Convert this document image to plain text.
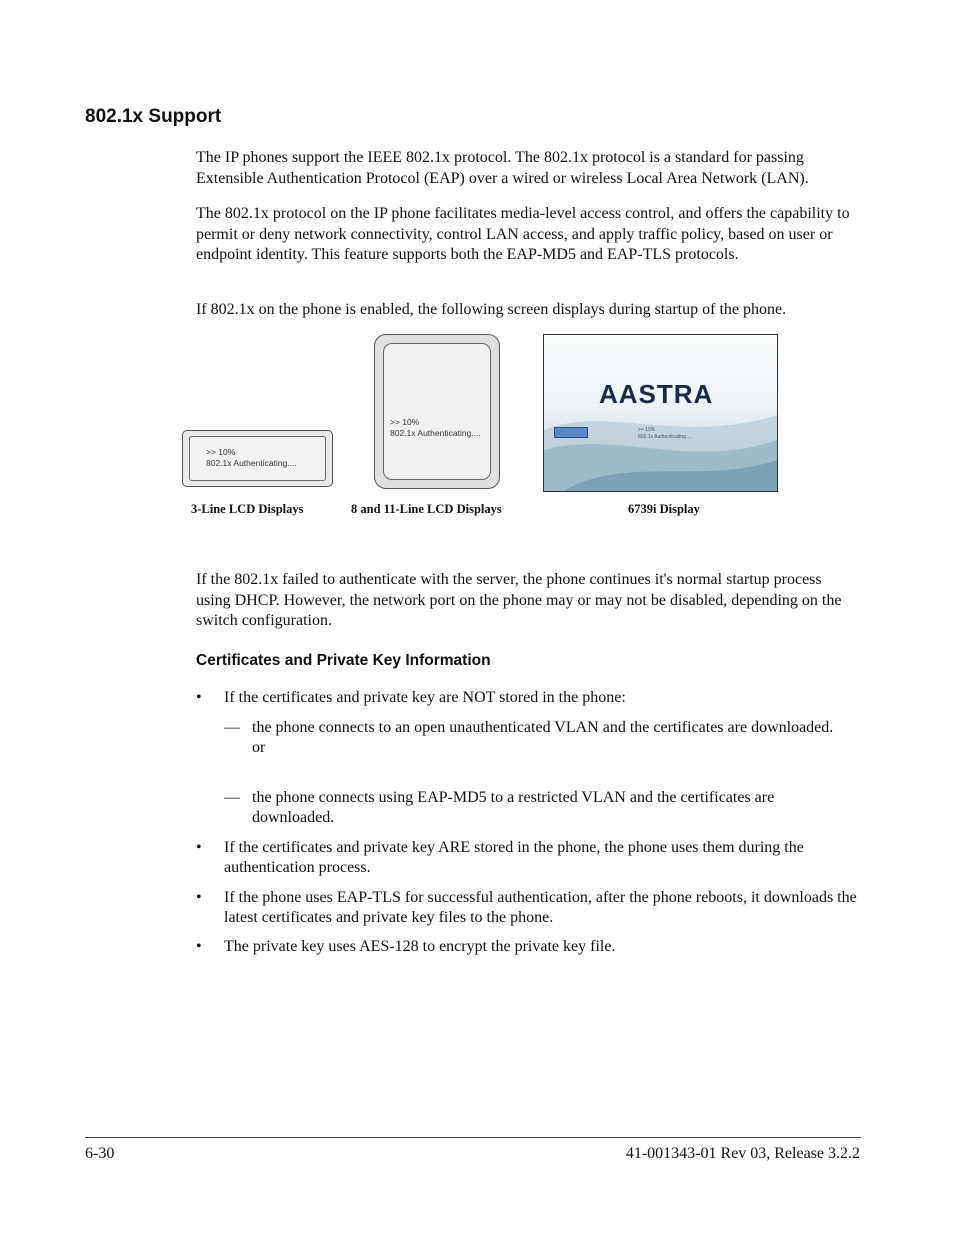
802.1x Support
The IP phones support the IEEE 802.1x protocol. The 802.1x protocol is a standard for passing Extensible Authentication Protocol (EAP) over a wired or wireless Local Area Network (LAN).
The 802.1x protocol on the IP phone facilitates media-level access control, and offers the capability to permit or deny network connectivity, control LAN access, and apply traffic policy, based on user or endpoint identity. This feature supports both the EAP-MD5 and EAP-TLS protocols.
If 802.1x on the phone is enabled, the following screen displays during startup of the phone.
>> 10%
802.1x Authenticating....
>> 10%
802.1x Authenticating....
AASTRA
>> 10%
802.1x Authenticating....
3-Line LCD Displays	8 and 11-Line LCD Displays	6739i Display
If the 802.1x failed to authenticate with the server, the phone continues it's normal startup process using DHCP. However, the network port on the phone may or may not be disabled, depending on the switch configuration.
Certificates and Private Key Information
• If the certificates and private key are NOT stored in the phone:
— the phone connects to an open unauthenticated VLAN and the certificates are downloaded.
or
— the phone connects using EAP-MD5 to a restricted VLAN and the certificates are downloaded.
• If the certificates and private key ARE stored in the phone, the phone uses them during the authentication process.
• If the phone uses EAP-TLS for successful authentication, after the phone reboots, it downloads the latest certificates and private key files to the phone.
• The private key uses AES-128 to encrypt the private key file.
6-30	41-001343-01 Rev 03, Release 3.2.2
